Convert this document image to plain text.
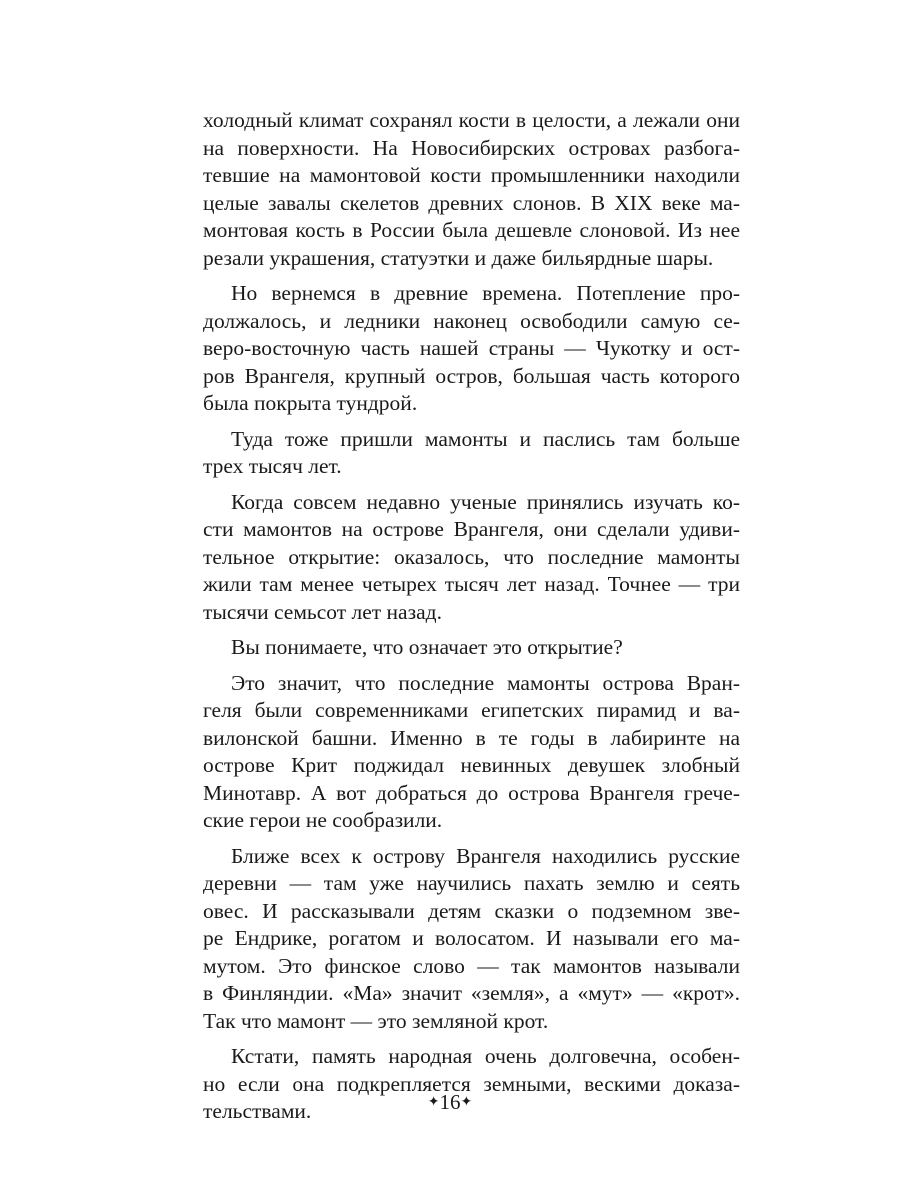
холодный климат сохранял кости в целости, а лежали они
на поверхности. На Новосибирских островах разбога-
тевшие на мамонтовой кости промышленники находили
целые завалы скелетов древних слонов. В XIX веке ма-
монтовая кость в России была дешевле слоновой. Из нее
резали украшения, статуэтки и даже бильярдные шары.
Но вернемся в древние времена. Потепление про-
должалось, и ледники наконец освободили самую се-
веро-восточную часть нашей страны — Чукотку и ост-
ров Врангеля, крупный остров, большая часть которого
была покрыта тундрой.
Туда тоже пришли мамонты и паслись там больше
трех тысяч лет.
Когда совсем недавно ученые принялись изучать ко-
сти мамонтов на острове Врангеля, они сделали удиви-
тельное открытие: оказалось, что последние мамонты
жили там менее четырех тысяч лет назад. Точнее — три
тысячи семьсот лет назад.
Вы понимаете, что означает это открытие?
Это значит, что последние мамонты острова Вран-
геля были современниками египетских пирамид и ва-
вилонской башни. Именно в те годы в лабиринте на
острове Крит поджидал невинных девушек злобный
Минотавр. А вот добраться до острова Врангеля грече-
ские герои не сообразили.
Ближе всех к острову Врангеля находились русские
деревни — там уже научились пахать землю и сеять
овес. И рассказывали детям сказки о подземном зве-
ре Ендрике, рогатом и волосатом. И называли его ма-
мутом. Это финское слово — так мамонтов называли
в Финляндии. «Ма» значит «земля», а «мут» — «крот».
Так что мамонт — это земляной крот.
Кстати, память народная очень долговечна, особен-
но если она подкрепляется земными, вескими доказа-
тельствами.	✦16✦
